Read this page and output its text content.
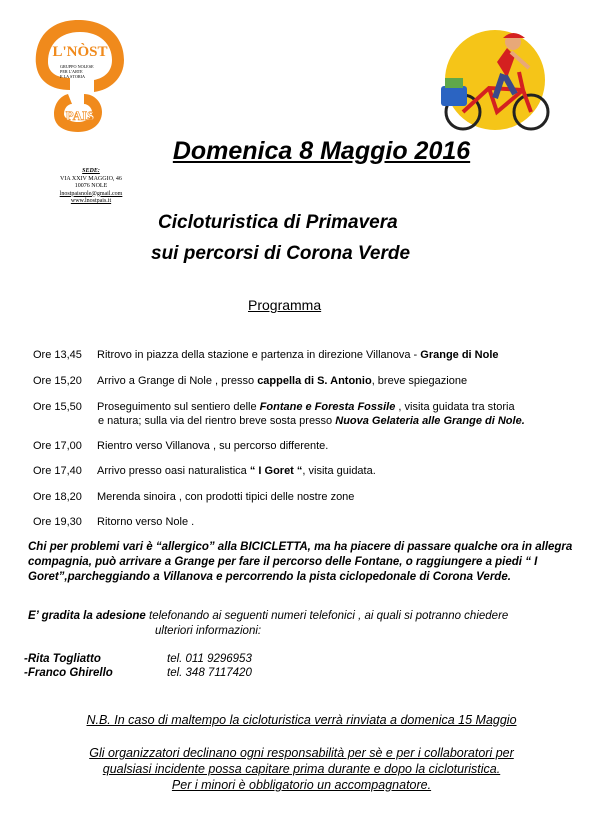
L'NÒST
GRUPPO NOLESE
PER L'ARTE
E LA STORIA
PAIS
SEDE:
VIA XXIV MAGGIO, 46
10076 NOLE
lnostpaisnole@gmail.com
www.lnostpais.it
Domenica 8 Maggio 2016
Cicloturistica di Primavera
sui percorsi di Corona Verde
Programma
Ore 13,45 Ritrovo in piazza della stazione e partenza in direzione Villanova - Grange di Nole
Ore 15,20 Arrivo a Grange di Nole , presso cappella di S. Antonio, breve spiegazione
Ore 15,50 Proseguimento sul sentiero delle Fontane e Foresta Fossile , visita guidata tra storia
e natura; sulla via del rientro breve sosta presso Nuova Gelateria alle Grange di Nole.
Ore 17,00 Rientro verso Villanova , su percorso differente.
Ore 17,40 Arrivo presso oasi naturalistica “ I Goret “, visita guidata.
Ore 18,20 Merenda sinoira , con prodotti tipici delle nostre zone
Ore 19,30 Ritorno verso Nole .
Chi per problemi vari è “allergico” alla BICICLETTA, ma ha piacere di passare qualche ora in allegra compagnia, può arrivare a Grange per fare il percorso delle Fontane, o raggiungere a piedi “ I Goret”,parcheggiando a Villanova e percorrendo la pista ciclopedonale di Corona Verde.
E’ gradita la adesione telefonando ai seguenti numeri telefonici , ai quali si potranno chiedere
ulteriori informazioni:
-Rita Togliatto	tel. 011 9296953
-Franco Ghirello	tel. 348 7117420
N.B. In caso di maltempo la cicloturistica verrà rinviata a domenica 15 Maggio
Gli organizzatori declinano ogni responsabilità per sè e per i collaboratori per
qualsiasi incidente possa capitare prima durante e dopo la cicloturistica.
Per i minori è obbligatorio un accompagnatore.
